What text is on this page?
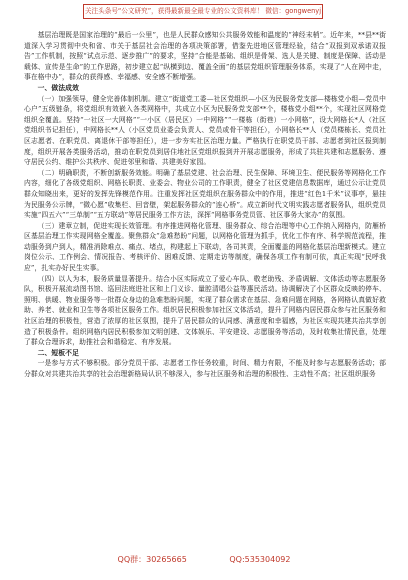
关注头条号“公文研究”，获得最新最全最专业的公文资料库！ 微信：gongwenyj

基层治理既是国家治理的“最后一公里”，也是人民群众感知公共服务效能和温度的“神经末梢”。近年来，**县**街道深入学习贯彻中央和省、市关于基层社会治理的各项决策部署，借鉴先进地区管理经验，结合“双报到双承诺双报告”工作机制，按照“试点示范、逐步推广”的要求，坚持“合能是基础、组织是骨架、选人是关键、制度是保障、活动是载体、宣传是生命”的工作思路，初步建立起“纵横到边、覆盖全面”的基层党组织管理服务体系，实现了“人在网中走，事在格中办”，群众的获得感、幸福感、安全感不断增强。

一、做法成效

（一）加强领导，健全完善体制机制。建立“街道党工委—社区党组织—小区为民服务党支部—楼栋党小组—党员中心户”五级链条，将党组织有效嵌入各类网格中，共成立小区为民服务党支部**个，楼栋党小组**个，实现社区网格党组织全覆盖。坚持“一社区一大网格”“一小区（居民区）一中网格”“一楼栋（街巷）一小网格”，设大网格长*人（社区党组织书记担任），中网格长**人（小区党员业委会负责人、党员或骨干等担任），小网格长**人（党员楼栋长、党员社区志愿者、在职党员、离退休干部等担任），进一步夯实社区治理力量。严格执行在职党员干部、志愿者到社区报到制度，组织开展各类服务活动，推动在职党员到居住地社区党组织报到并开展志愿服务，形成了共驻共建和志愿服务、遵守居民公约、维护公共秩序、促进邻里和谐、共建美好家园。

（二）明确职责，不断创新服务效能。明确了基层党建、社会治理、民生保障、环境卫生、便民服务等网格化工作内容，细化了各级党组织、网格长职责、业委会、物业公司的工作职责，健全了社区党建信息数据库，通过公示让党员群众知晓出来，更好的发挥先锋模范作用。注重发挥社区党组织在服务群众中的作用，推进“红色1千米”议事亭，悬挂为民服务公示牌，“微心愿”收集栏、回音壁，架起服务群众的“连心桥”。成立新时代文明实践志愿者服务队，组织党员实施“四五六”“三单制”“五方联动”等居民服务工作方法，深挥“网格事务党员管、社区事务大家办”的氛围。

（三）建章立制，促进实现长效管理。有序推进网格化管理、服务群众、综合治理等中心工作纳入网格内，防雁桥区基层治理工作实现网格全覆盖。聚焦群众“急难愁盼”问题，以网格化管理为抓手，优化工作有序、科学规范流程，推动服务到户到人，精准消除难点、痛点、堵点，构建起上下联动，各司其责，全面覆盖的网格化基层治理新模式。建立岗位公示、工作例会、情况报告、考核评价、困难反馈、定期走访等制度，确保各项工作有制可依，真正实现“民呼我应”，扎实办好民生实事。

（四）以人为本，服务质量显著提升。结合小区实际成立了爱心车队、敬老助残、矛盾调解、文体活动等志愿服务队，积极开展流动图书馆、巡回法庭进社区和上门义诊、量腔清唱公益等惠民活动。协调解决了小区群众反映的停车、照明、供暖、物业服务等一批群众身边的急难愁盼问题，实现了群众需求在基层、急难问题在网格，各网格认真做好救助、养老、就业和卫生等各项社区服务工作。组织居民积极参加社区文体活动，提升了网格内居民群众参与社区服务和社区治理的积极性，营造了浓厚的社区氛围，提升了居民群众的认同感、满意度和幸福感，为社区实现共建共治共享创造了积极条件。组织网格内居民积极参加文明创建、文体娱乐、平安建设、志愿服务等活动，及时收集社情民意，处理了群众合理诉求，助推社会和谐稳定、有序发展。

二、短板不足

一是参与方式不够积极。部分党员干部、志愿者工作任务较重，时间、精力有限，不能及时参与志愿服务活动；部分群众对共建共治共享的社会治理新格局认识不够深入，参与社区服务和治理的积极性、主动性不高；社区组织服务

QQ群：30265665	QQ:535304092
